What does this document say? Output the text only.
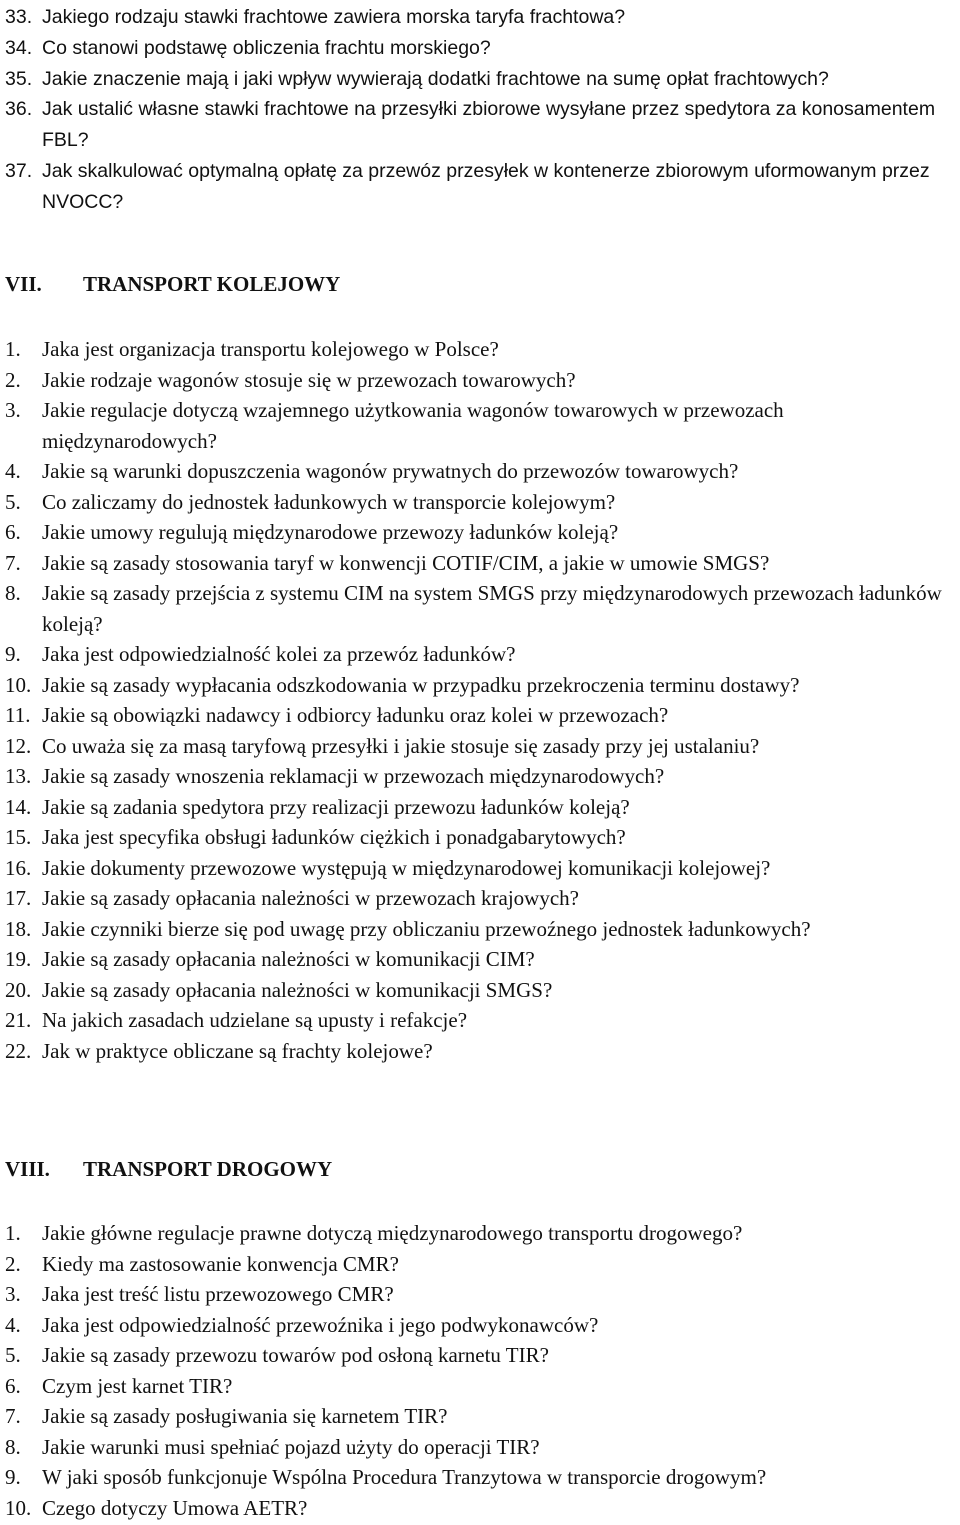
33. Jakiego rodzaju stawki frachtowe zawiera morska taryfa frachtowa?
34. Co stanowi podstawę obliczenia frachtu morskiego?
35. Jakie znaczenie mają i jaki wpływ wywierają dodatki frachtowe na sumę opłat frachtowych?
36. Jak ustalić własne stawki frachtowe na przesyłki zbiorowe wysyłane przez spedytora za konosamentem FBL?
37. Jak skalkulować optymalną opłatę za przewóz przesyłek w kontenerze zbiorowym uformowanym przez NVOCC?
VII.	TRANSPORT KOLEJOWY
1.	Jaka jest organizacja transportu kolejowego w Polsce?
2.	Jakie rodzaje wagonów stosuje się w przewozach towarowych?
3.	Jakie regulacje dotyczą wzajemnego użytkowania wagonów towarowych w przewozach międzynarodowych?
4.	Jakie są warunki dopuszczenia wagonów prywatnych do przewozów towarowych?
5.	Co zaliczamy do jednostek ładunkowych w transporcie kolejowym?
6.	Jakie umowy regulują międzynarodowe przewozy ładunków koleją?
7.	Jakie są zasady stosowania taryf w konwencji COTIF/CIM, a jakie w umowie SMGS?
8.	Jakie są zasady przejścia z systemu CIM na system SMGS przy międzynarodowych przewozach ładunków koleją?
9.	Jaka jest odpowiedzialność kolei za przewóz ładunków?
10. Jakie są zasady wypłacania odszkodowania w przypadku przekroczenia terminu dostawy?
11. Jakie są obowiązki nadawcy i odbiorcy ładunku oraz kolei w przewozach?
12. Co uważa się za masą taryfową przesyłki i jakie stosuje się zasady przy jej ustalaniu?
13. Jakie są zasady wnoszenia reklamacji w przewozach międzynarodowych?
14. Jakie są zadania spedytora przy realizacji przewozu ładunków koleją?
15. Jaka jest specyfika obsługi ładunków ciężkich i ponadgabarytowych?
16. Jakie dokumenty przewozowe występują w międzynarodowej komunikacji kolejowej?
17. Jakie są zasady opłacania należności w przewozach krajowych?
18. Jakie czynniki bierze się pod uwagę przy obliczaniu przewoźnego jednostek ładunkowych?
19. Jakie są zasady opłacania należności w komunikacji CIM?
20. Jakie są zasady opłacania należności w komunikacji SMGS?
21. Na jakich zasadach udzielane są upusty i refakcje?
22. Jak w praktyce obliczane są frachty kolejowe?
VIII.	TRANSPORT DROGOWY
1.	Jakie główne regulacje prawne dotyczą międzynarodowego transportu drogowego?
2.	Kiedy ma zastosowanie konwencja CMR?
3.	Jaka jest treść listu przewozowego CMR?
4.	Jaka jest odpowiedzialność przewoźnika i jego podwykonawców?
5.	Jakie są zasady przewozu towarów pod osłoną karnetu TIR?
6.	Czym jest karnet TIR?
7.	Jakie są zasady posługiwania się karnetem TIR?
8.	Jakie warunki musi spełniać pojazd użyty do operacji TIR?
9.	W jaki sposób funkcjonuje Wspólna Procedura Tranzytowa w transporcie drogowym?
10. Czego dotyczy Umowa AETR?
